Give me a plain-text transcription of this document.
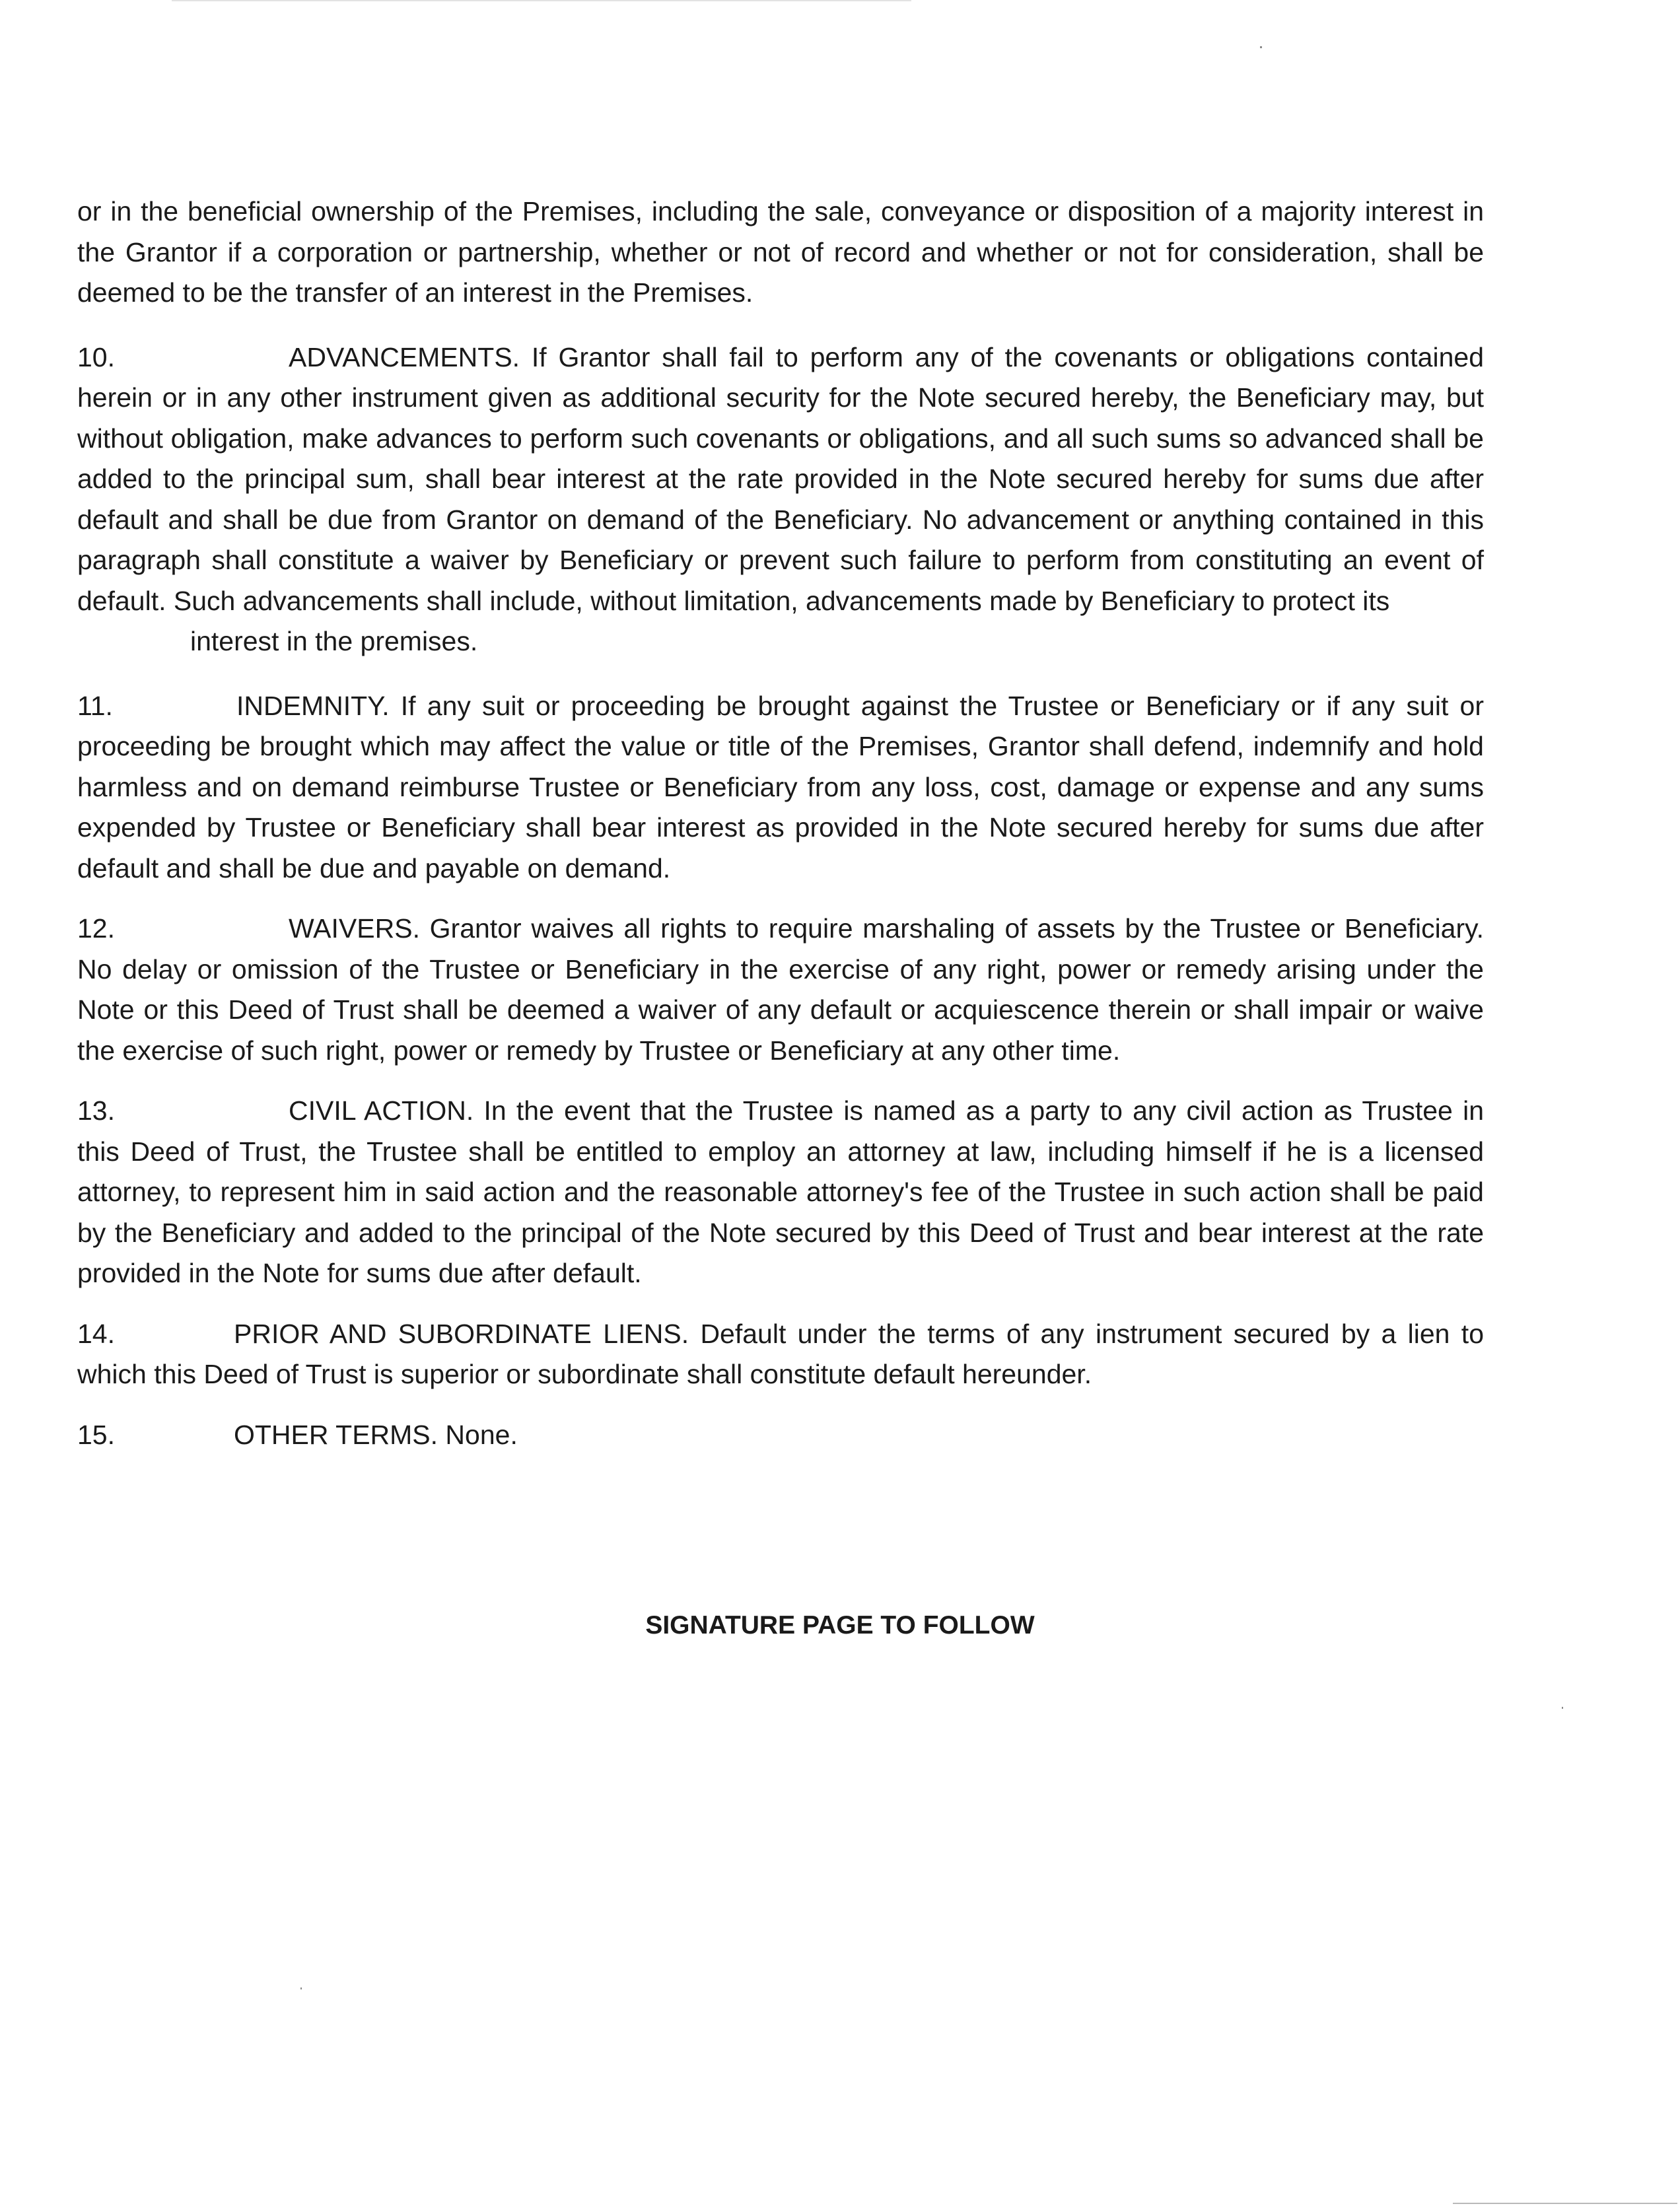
or in the beneficial ownership of the Premises, including the sale, conveyance or disposition of a majority interest in the Grantor if a corporation or partnership, whether or not of record and whether or not for consideration, shall be deemed to be the transfer of an interest in the Premises.

10.	ADVANCEMENTS. If Grantor shall fail to perform any of the covenants or obligations contained herein or in any other instrument given as additional security for the Note secured hereby, the Beneficiary may, but without obligation, make advances to perform such covenants or obligations, and all such sums so advanced shall be added to the principal sum, shall bear interest at the rate provided in the Note secured hereby for sums due after default and shall be due from Grantor on demand of the Beneficiary. No advancement or anything contained in this paragraph shall constitute a waiver by Beneficiary or prevent such failure to perform from constituting an event of default. Such advancements shall include, without limitation, advancements made by Beneficiary to protect its
interest in the premises.

11.	INDEMNITY. If any suit or proceeding be brought against the Trustee or Beneficiary or if any suit or proceeding be brought which may affect the value or title of the Premises, Grantor shall defend, indemnify and hold harmless and on demand reimburse Trustee or Beneficiary from any loss, cost, damage or expense and any sums expended by Trustee or Beneficiary shall bear interest as provided in the Note secured hereby for sums due after default and shall be due and payable on demand.

12.	WAIVERS. Grantor waives all rights to require marshaling of assets by the Trustee or Beneficiary. No delay or omission of the Trustee or Beneficiary in the exercise of any right, power or remedy arising under the Note or this Deed of Trust shall be deemed a waiver of any default or acquiescence therein or shall impair or waive the exercise of such right, power or remedy by Trustee or Beneficiary at any other time.

13.	CIVIL ACTION. In the event that the Trustee is named as a party to any civil action as Trustee in this Deed of Trust, the Trustee shall be entitled to employ an attorney at law, including himself if he is a licensed attorney, to represent him in said action and the reasonable attorney's fee of the Trustee in such action shall be paid by the Beneficiary and added to the principal of the Note secured by this Deed of Trust and bear interest at the rate provided in the Note for sums due after default.

14.	PRIOR AND SUBORDINATE LIENS. Default under the terms of any instrument secured by a lien to which this Deed of Trust is superior or subordinate shall constitute default hereunder.

15.	OTHER TERMS. None.

SIGNATURE PAGE TO FOLLOW
